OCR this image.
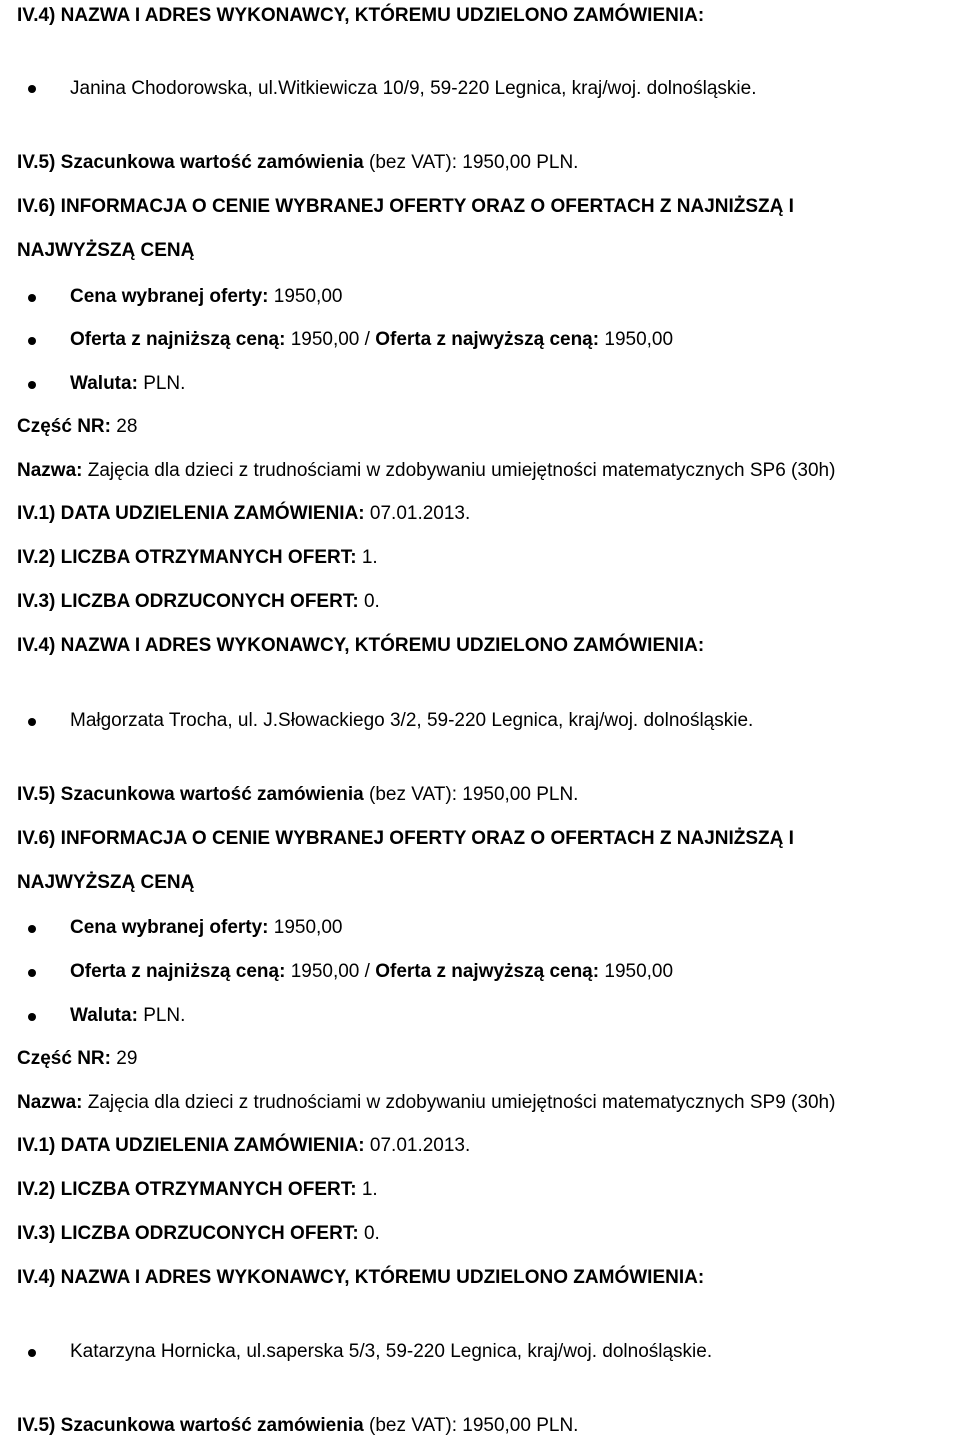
IV.4) NAZWA I ADRES WYKONAWCY, KTÓREMU UDZIELONO ZAMÓWIENIA:
Janina Chodorowska, ul.Witkiewicza 10/9, 59-220 Legnica, kraj/woj. dolnośląskie.
IV.5) Szacunkowa wartość zamówienia (bez VAT): 1950,00 PLN.
IV.6) INFORMACJA O CENIE WYBRANEJ OFERTY ORAZ O OFERTACH Z NAJNIŻSZĄ I
NAJWYŻSZĄ CENĄ
Cena wybranej oferty: 1950,00
Oferta z najniższą ceną: 1950,00 / Oferta z najwyższą ceną: 1950,00
Waluta: PLN.
Część NR: 28
Nazwa: Zajęcia dla dzieci z trudnościami w zdobywaniu umiejętności matematycznych SP6 (30h)
IV.1) DATA UDZIELENIA ZAMÓWIENIA: 07.01.2013.
IV.2) LICZBA OTRZYMANYCH OFERT: 1.
IV.3) LICZBA ODRZUCONYCH OFERT: 0.
IV.4) NAZWA I ADRES WYKONAWCY, KTÓREMU UDZIELONO ZAMÓWIENIA:
Małgorzata Trocha, ul. J.Słowackiego 3/2, 59-220 Legnica, kraj/woj. dolnośląskie.
IV.5) Szacunkowa wartość zamówienia (bez VAT): 1950,00 PLN.
IV.6) INFORMACJA O CENIE WYBRANEJ OFERTY ORAZ O OFERTACH Z NAJNIŻSZĄ I
NAJWYŻSZĄ CENĄ
Cena wybranej oferty: 1950,00
Oferta z najniższą ceną: 1950,00 / Oferta z najwyższą ceną: 1950,00
Waluta: PLN.
Część NR: 29
Nazwa: Zajęcia dla dzieci z trudnościami w zdobywaniu umiejętności matematycznych SP9 (30h)
IV.1) DATA UDZIELENIA ZAMÓWIENIA: 07.01.2013.
IV.2) LICZBA OTRZYMANYCH OFERT: 1.
IV.3) LICZBA ODRZUCONYCH OFERT: 0.
IV.4) NAZWA I ADRES WYKONAWCY, KTÓREMU UDZIELONO ZAMÓWIENIA:
Katarzyna Hornicka, ul.saperska 5/3, 59-220 Legnica, kraj/woj. dolnośląskie.
IV.5) Szacunkowa wartość zamówienia (bez VAT): 1950,00 PLN.
